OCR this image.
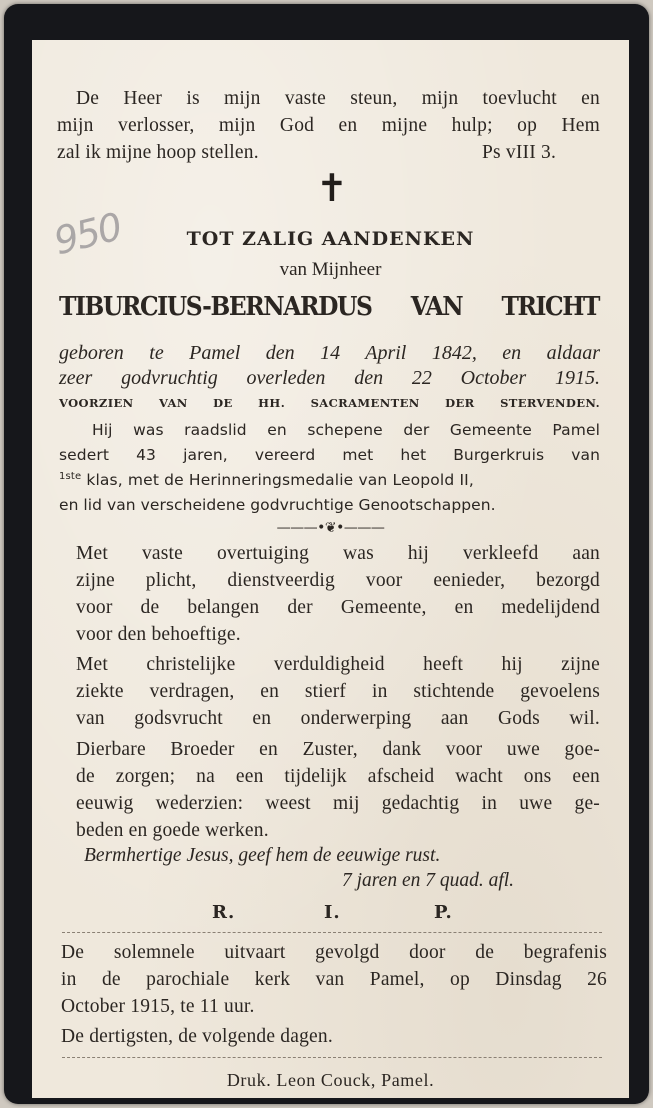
De Heer is mijn vaste steun, mijn toevlucht en
mijn verlosser, mijn God en mijne hulp; op Hem
zal ik mijne hoop stellen.	Ps vIII 3.
✝
950	TOT ZALIG AANDENKEN
van Mijnheer
TIBURCIUS-BERNARDUS VAN TRICHT
geboren te Pamel den 14 April 1842, en aldaar
zeer godvruchtig overleden den 22 October 1915.
VOORZIEN VAN DE HH. SACRAMENTEN DER STERVENDEN.
Hij was raadslid en schepene der Gemeente Pamel
sedert 43 jaren, vereerd met het Burgerkruis van
$^{1ste}$ klas, met de Herinneringsmedalie van Leopold II,
en lid van verscheidene godvruchtige Genootschappen.
———•❦•———
Met vaste overtuiging was hij verkleefd aan
zijne plicht, dienstveerdig voor eenieder, bezorgd
voor de belangen der Gemeente, en medelijdend
voor den behoeftige.
Met christelijke verduldigheid heeft hij zijne
ziekte verdragen, en stierf in stichtende gevoelens
van godsvrucht en onderwerping aan Gods wil.
Dierbare Broeder en Zuster, dank voor uwe goe-
de zorgen; na een tijdelijk afscheid wacht ons een
eeuwig wederzien: weest mij gedachtig in uwe ge-
beden en goede werken.
Bermhertige Jesus, geef hem de eeuwige rust.
7 jaren en 7 quad. afl.
R.	I.	P.
De solemnele uitvaart gevolgd door de begrafenis
in de parochiale kerk van Pamel, op Dinsdag 26
October 1915, te 11 uur.
De dertigsten, de volgende dagen.
Druk. Leon Couck, Pamel.
